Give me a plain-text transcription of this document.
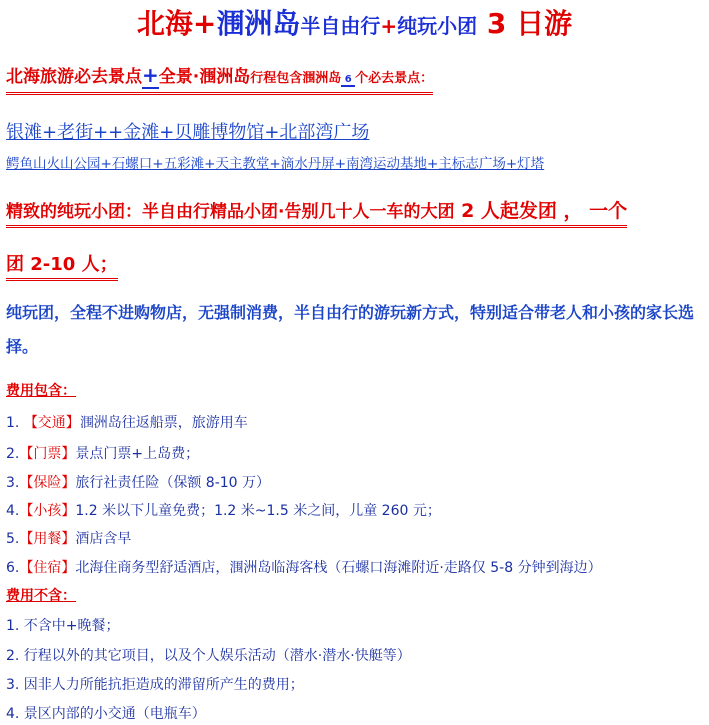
北海+涠洲岛半自由行+纯玩小团 3 日游
北海旅游必去景点+全景·涠洲岛行程包含涠洲岛 6 个必去景点：
银滩+老街++金滩+贝雕博物馆+北部湾广场
鳄鱼山火山公园+石螺口+五彩滩+天主教堂+滴水丹屏+南湾运动基地+主标志广场+灯塔
精致的纯玩小团：半自由行精品小团·告别几十人一车的大团 2 人起发团 ， 一个
团 2-10 人；
纯玩团，全程不进购物店，无强制消费，半自由行的游玩新方式，特别适合带老人和小孩的家长选择。
费用包含：
1. 【交通】涠洲岛往返船票，旅游用车
2.【门票】景点门票+上岛费；
3.【保险】旅行社责任险（保额 8-10 万）
4.【小孩】1.2 米以下儿童免费；1.2 米~1.5 米之间，儿童 260 元；
5.【用餐】酒店含早
6.【住宿】北海住商务型舒适酒店，涠洲岛临海客栈（石螺口海滩附近·走路仅 5-8 分钟到海边）
费用不含：
1. 不含中+晚餐；
2. 行程以外的其它项目，以及个人娱乐活动（潜水·潜水·快艇等）
3. 因非人力所能抗拒造成的滞留所产生的费用；
4. 景区内部的小交通（电瓶车）
